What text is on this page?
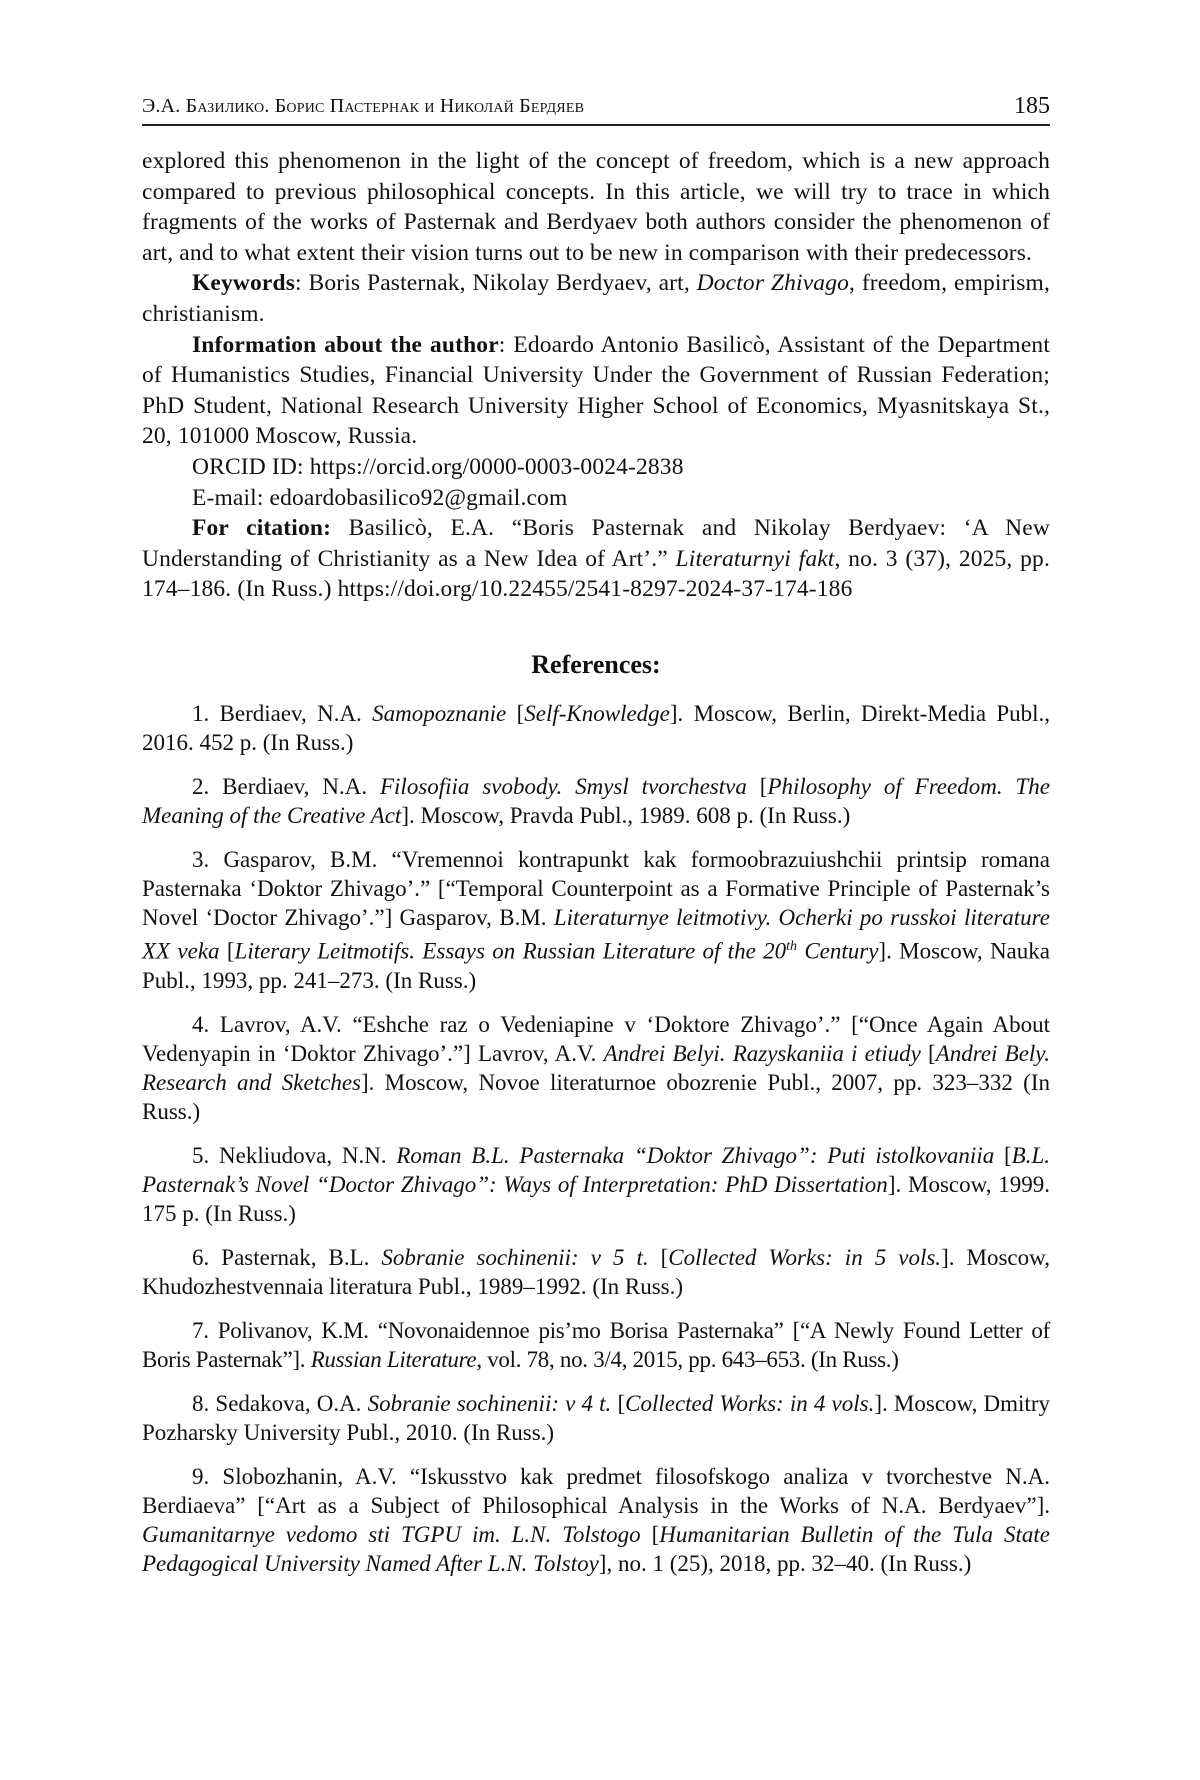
Э.А. Базилико. Борис Пастернак и Николай Бердяев	185

explored this phenomenon in the light of the concept of freedom, which is a new approach compared to previous philosophical concepts. In this article, we will try to trace in which fragments of the works of Pasternak and Berdyaev both authors consider the phenomenon of art, and to what extent their vision turns out to be new in comparison with their predecessors.

Keywords: Boris Pasternak, Nikolay Berdyaev, art, Doctor Zhivago, freedom, empirism, christianism.

Information about the author: Edoardo Antonio Basilicò, Assistant of the Department of Humanistics Studies, Financial University Under the Government of Russian Federation; PhD Student, National Research University Higher School of Economics, Myasnitskaya St., 20, 101000 Moscow, Russia.

ORCID ID: https://orcid.org/0000-0003-0024-2838

E-mail: edoardobasilico92@gmail.com

For citation: Basilicò, E.A. “Boris Pasternak and Nikolay Berdyaev: ‘A New Understanding of Christianity as a New Idea of Art’.” Literaturnyi fakt, no. 3 (37), 2025, pp. 174–186. (In Russ.) https://doi.org/10.22455/2541-8297-2024-37-174-186

References:

1. Berdiaev, N.A. Samopoznanie [Self-Knowledge]. Moscow, Berlin, Direkt-Media Publ., 2016. 452 p. (In Russ.)

2. Berdiaev, N.A. Filosofiia svobody. Smysl tvorchestva [Philosophy of Freedom. The Meaning of the Creative Act]. Moscow, Pravda Publ., 1989. 608 p. (In Russ.)

3. Gasparov, B.M. “Vremennoi kontrapunkt kak formoobrazuiushchii printsip romana Pasternaka ‘Doktor Zhivago’.” [“Temporal Counterpoint as a Formative Principle of Pasternak’s Novel ‘Doctor Zhivago’.”] Gasparov, B.M. Literaturnye leitmotivy. Ocherki po russkoi literature XX veka [Literary Leitmotifs. Essays on Russian Literature of the 20th Century]. Moscow, Nauka Publ., 1993, pp. 241–273. (In Russ.)

4. Lavrov, A.V. “Eshche raz o Vedeniapine v ‘Doktore Zhivago’.” [“Once Again About Vedenyapin in ‘Doktor Zhivago’.”] Lavrov, A.V. Andrei Belyi. Razyskaniia i etiudy [Andrei Bely. Research and Sketches]. Moscow, Novoe literaturnoe obozrenie Publ., 2007, pp. 323–332 (In Russ.)

5. Nekliudova, N.N. Roman B.L. Pasternaka “Doktor Zhivago”: Puti istolkovaniia [B.L. Pasternak’s Novel “Doctor Zhivago”: Ways of Interpretation: PhD Dissertation]. Moscow, 1999. 175 p. (In Russ.)

6. Pasternak, B.L. Sobranie sochinenii: v 5 t. [Collected Works: in 5 vols.]. Moscow, Khudozhestvennaia literatura Publ., 1989–1992. (In Russ.)

7. Polivanov, K.M. “Novonaidennoe pis’mo Borisa Pasternaka” [“A Newly Found Letter of Boris Pasternak”]. Russian Literature, vol. 78, no. 3/4, 2015, pp. 643–653. (In Russ.)

8. Sedakova, O.A. Sobranie sochinenii: v 4 t. [Collected Works: in 4 vols.]. Moscow, Dmitry Pozharsky University Publ., 2010. (In Russ.)

9. Slobozhanin, A.V. “Iskusstvo kak predmet filosofskogo analiza v tvorchestve N.A. Berdiaeva” [“Art as a Subject of Philosophical Analysis in the Works of N.A. Berdyaev”]. Gumanitarnye vedomo sti TGPU im. L.N. Tolstogo [Humanitarian Bulletin of the Tula State Pedagogical University Named After L.N. Tolstoy], no. 1 (25), 2018, pp. 32–40. (In Russ.)
